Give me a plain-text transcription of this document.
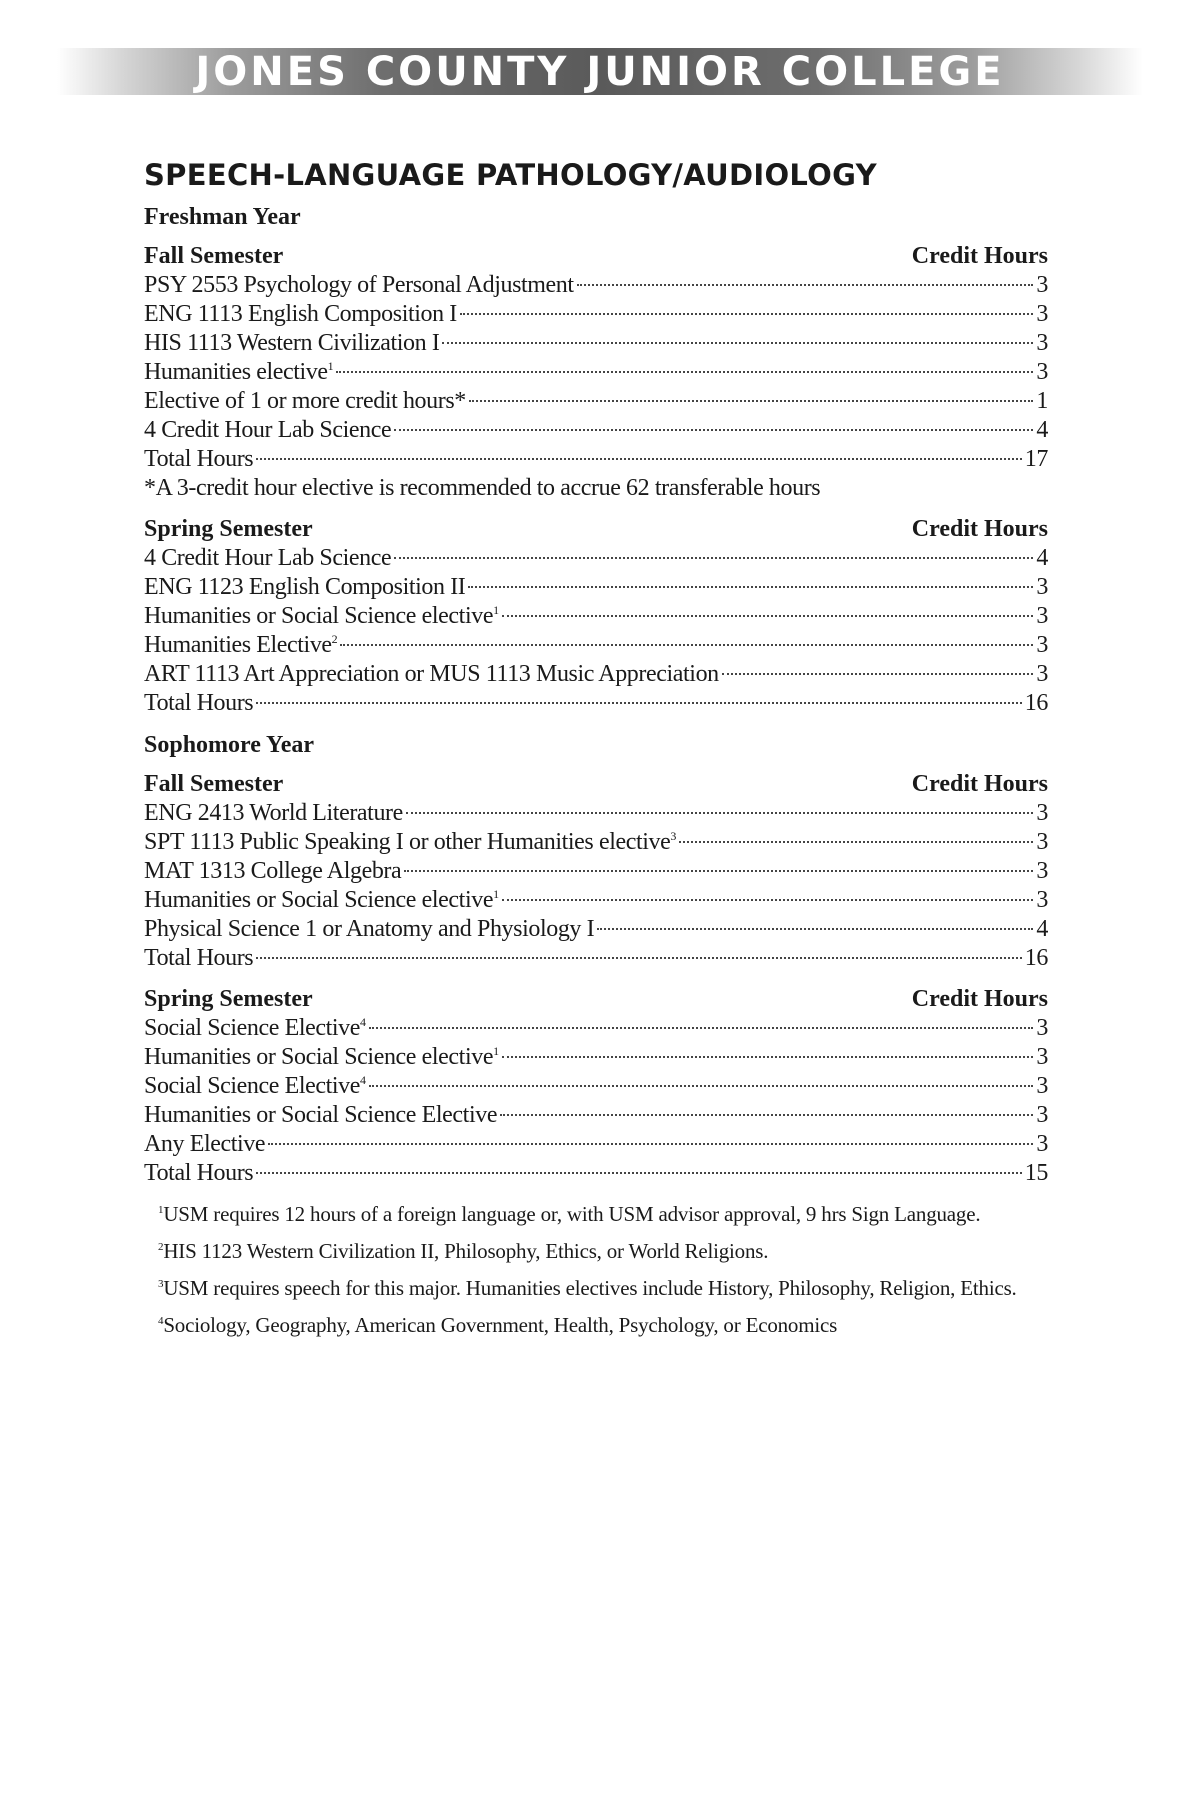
JONES COUNTY JUNIOR COLLEGE
SPEECH-LANGUAGE PATHOLOGY/AUDIOLOGY
Freshman Year
Fall Semester	Credit Hours
PSY 2553 Psychology of Personal Adjustment	3
ENG 1113 English Composition I	3
HIS 1113 Western Civilization I	3
Humanities elective$^1$	3
Elective of 1 or more credit hours*	1
4 Credit Hour Lab Science	4
Total Hours	17
*A 3-credit hour elective is recommended to accrue 62 transferable hours
Spring Semester	Credit Hours
4 Credit Hour Lab Science	4
ENG 1123 English Composition II	3
Humanities or Social Science elective$^1$	3
Humanities Elective$^2$	3
ART 1113 Art Appreciation or MUS 1113 Music Appreciation	3
Total Hours	16
Sophomore Year
Fall Semester	Credit Hours
ENG 2413 World Literature	3
SPT 1113 Public Speaking I or other Humanities elective$^3$	3
MAT 1313 College Algebra	3
Humanities or Social Science elective$^1$	3
Physical Science 1 or Anatomy and Physiology I	4
Total Hours	16
Spring Semester	Credit Hours
Social Science Elective$^4$	3
Humanities or Social Science elective$^1$	3
Social Science Elective$^4$	3
Humanities or Social Science Elective	3
Any Elective	3
Total Hours	15
$^1$USM requires 12 hours of a foreign language or, with USM advisor approval, 9 hrs Sign Language.
$^2$HIS 1123 Western Civilization II, Philosophy, Ethics, or World Religions.
$^3$USM requires speech for this major. Humanities electives include History, Philosophy, Religion, Ethics.
$^4$Sociology, Geography, American Government, Health, Psychology, or Economics
